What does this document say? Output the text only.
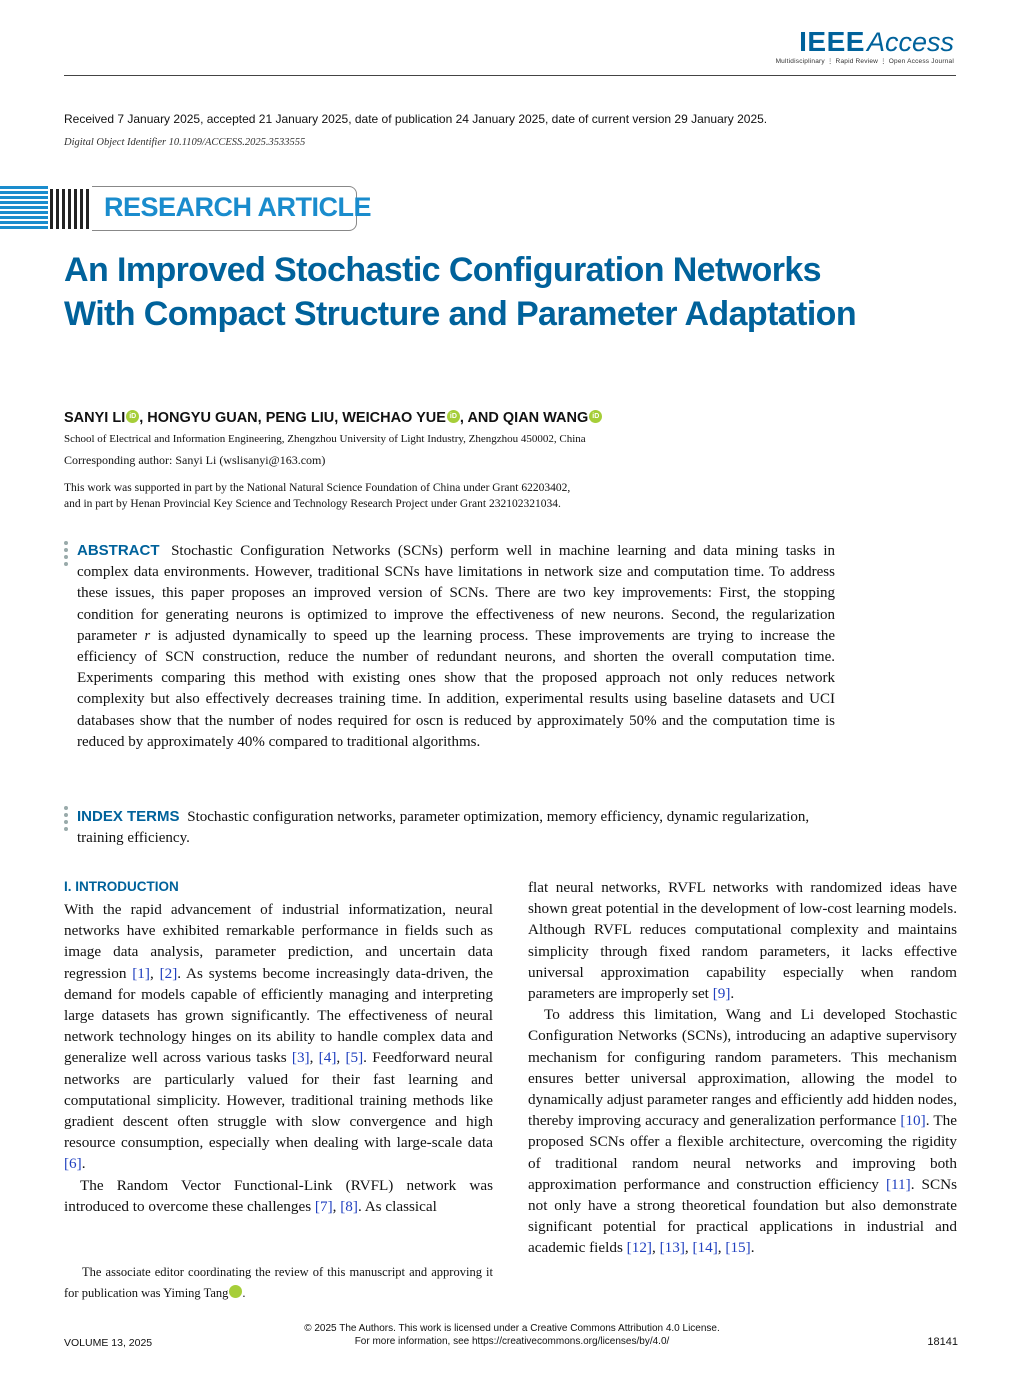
IEEEAccess
Multidisciplinary ⋮ Rapid Review ⋮ Open Access Journal
Received 7 January 2025, accepted 21 January 2025, date of publication 24 January 2025, date of current version 29 January 2025.
Digital Object Identifier 10.1109/ACCESS.2025.3533555
RESEARCH ARTICLE
An Improved Stochastic Configuration Networks With Compact Structure and Parameter Adaptation
SANYI LI iD , HONGYU GUAN, PENG LIU, WEICHAO YUE iD , AND QIAN WANG iD
School of Electrical and Information Engineering, Zhengzhou University of Light Industry, Zhengzhou 450002, China
Corresponding author: Sanyi Li (wslisanyi@163.com)
This work was supported in part by the National Natural Science Foundation of China under Grant 62203402,
and in part by Henan Provincial Key Science and Technology Research Project under Grant 232102321034.

ABSTRACT Stochastic Configuration Networks (SCNs) perform well in machine learning and data mining tasks in complex data environments. However, traditional SCNs have limitations in network size and computation time. To address these issues, this paper proposes an improved version of SCNs. There are two key improvements: First, the stopping condition for generating neurons is optimized to improve the effectiveness of new neurons. Second, the regularization parameter r is adjusted dynamically to speed up the learning process. These improvements are trying to increase the efficiency of SCN construction, reduce the number of redundant neurons, and shorten the overall computation time. Experiments comparing this method with existing ones show that the proposed approach not only reduces network complexity but also effectively decreases training time. In addition, experimental results using baseline datasets and UCI databases show that the number of nodes required for oscn is reduced by approximately 50% and the computation time is reduced by approximately 40% compared to traditional algorithms.

INDEX TERMS Stochastic configuration networks, parameter optimization, memory efficiency, dynamic regularization, training efficiency.

I. INTRODUCTION

With the rapid advancement of industrial informatization, neural networks have exhibited remarkable performance in fields such as image data analysis, parameter prediction, and uncertain data regression [1], [2]. As systems become increasingly data-driven, the demand for models capable of efficiently managing and interpreting large datasets has grown significantly. The effectiveness of neural network technology hinges on its ability to handle complex data and generalize well across various tasks [3], [4], [5]. Feedforward neural networks are particularly valued for their fast learning and computational simplicity. However, traditional training methods like gradient descent often struggle with slow convergence and high resource consumption, especially when dealing with large-scale data [6].

The Random Vector Functional-Link (RVFL) network was introduced to overcome these challenges [7], [8]. As classical

flat neural networks, RVFL networks with randomized ideas have shown great potential in the development of low-cost learning models. Although RVFL reduces computational complexity and maintains simplicity through fixed random parameters, it lacks effective universal approximation capability especially when random parameters are improperly set [9].

To address this limitation, Wang and Li developed Stochastic Configuration Networks (SCNs), introducing an adaptive supervisory mechanism for configuring random parameters. This mechanism ensures better universal approximation, allowing the model to dynamically adjust parameter ranges and efficiently add hidden nodes, thereby improving accuracy and generalization performance [10]. The proposed SCNs offer a flexible architecture, overcoming the rigidity of traditional random neural networks and improving both approximation performance and construction efficiency [11]. SCNs not only have a strong theoretical foundation but also demonstrate significant potential for practical applications in industrial and academic fields [12], [13], [14], [15].

The associate editor coordinating the review of this manuscript and approving it for publication was Yiming Tang	iD.

© 2025 The Authors. This work is licensed under a Creative Commons Attribution 4.0 License.
For more information, see https://creativecommons.org/licenses/by/4.0/
VOLUME 13, 2025	18141
